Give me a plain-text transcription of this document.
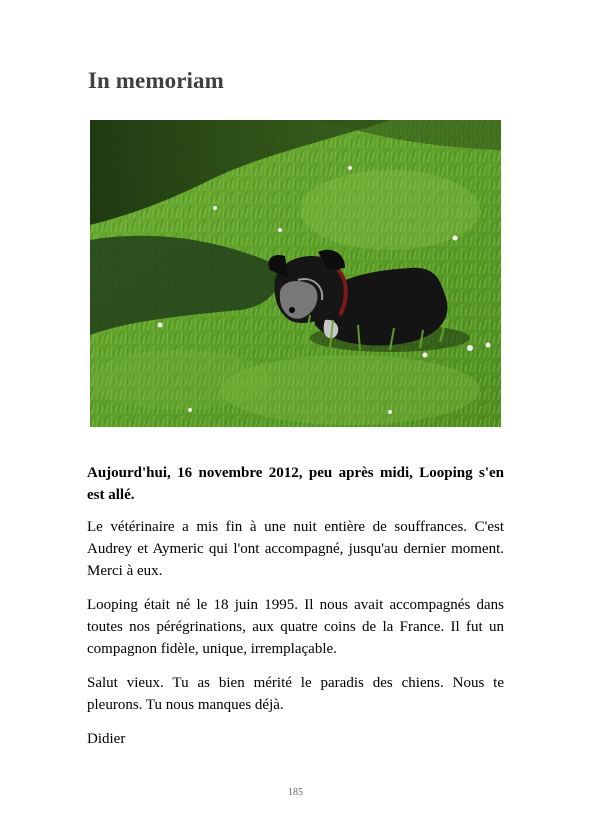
In memoriam

Aujourd'hui, 16 novembre 2012, peu après midi, Looping s'en est allé.

Le vétérinaire a mis fin à une nuit entière de souffrances. C'est Audrey et Aymeric qui l'ont accompagné, jusqu'au dernier moment. Merci à eux.

Looping était né le 18 juin 1995. Il nous avait accompagnés dans toutes nos pérégrinations, aux quatre coins de la France. Il fut un compagnon fidèle, unique, irremplaçable.

Salut vieux. Tu as bien mérité le paradis des chiens. Nous te pleurons. Tu nous manques déjà.

Didier

185
